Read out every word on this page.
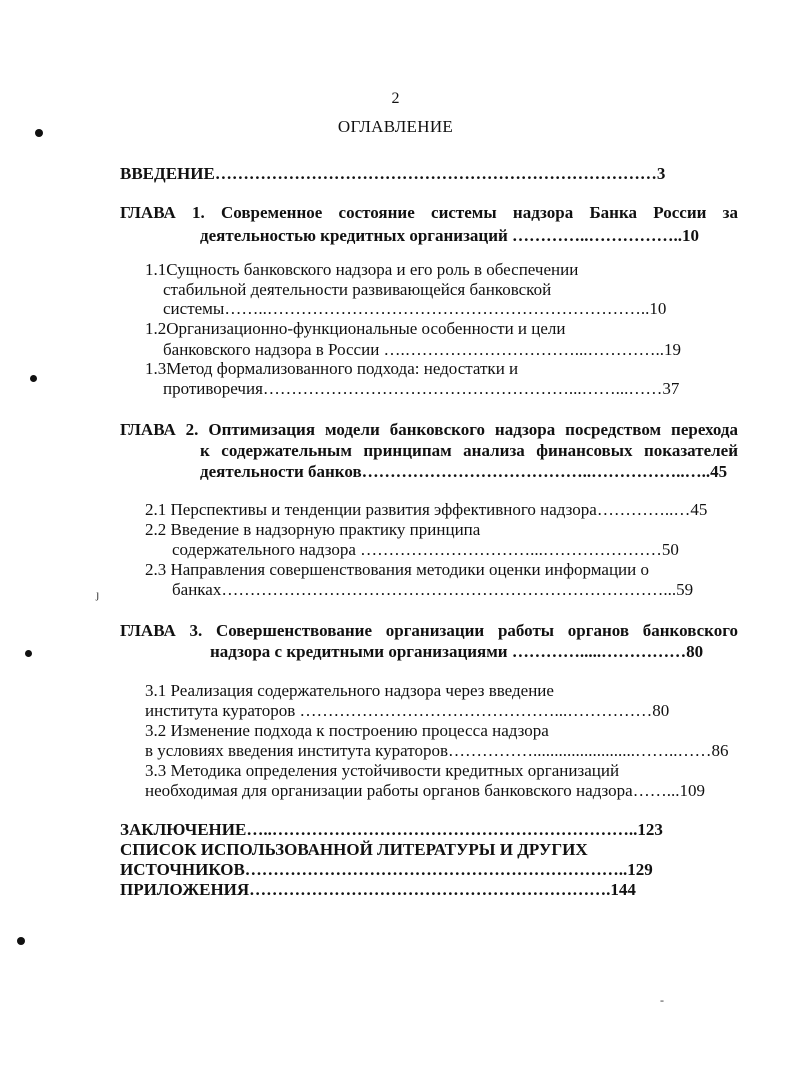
2
ОГЛАВЛЕНИЕ
ВВЕДЕНИЕ……………………………………………………………………3
ГЛАВА 1. Современное состояние системы надзора Банка России за
деятельностью кредитных организаций …………..……………..10
1.1Сущность банковского надзора и его роль в обеспечении
стабильной деятельности развивающейся банковской
системы……..…………………………………………………………..10
1.2Организационно-функциональные особенности и цели
банковского надзора в России ….…………………………...…………..19
1.3Метод формализованного подхода: недостатки и
противоречия………………………………………………...……...……37
ГЛАВА 2. Оптимизация модели банковского надзора посредством перехода
к содержательным принципам анализа финансовых показателей
деятельности банков…………………………………..……………..…..45
2.1 Перспективы и тенденции развития эффективного надзора…………..…45
2.2 Введение в надзорную практику принципа
содержательного надзора …………………………...…………………50
2.3 Направления совершенствования методики оценки информации о
банках……………………………………………………………………...59
ГЛАВА 3. Совершенствование организации работы органов банковского
надзора с кредитными организациями ………….....……………80
3.1 Реализация содержательного надзора через введение
института кураторов ………………………………………...……………80
3.2 Изменение подхода к построению процесса надзора
в условиях введения института кураторов……………........................……..……86
3.3 Методика определения устойчивости кредитных организаций
необходимая для организации работы органов банковского надзора……...109
ЗАКЛЮЧЕНИЕ…..………………………………………………………..123
СПИСОК ИСПОЛЬЗОВАННОЙ ЛИТЕРАТУРЫ И ДРУГИХ
ИСТОЧНИКОВ…………………………………………………………..129
ПРИЛОЖЕНИЯ……………………………………………………….144
ȷ
-
